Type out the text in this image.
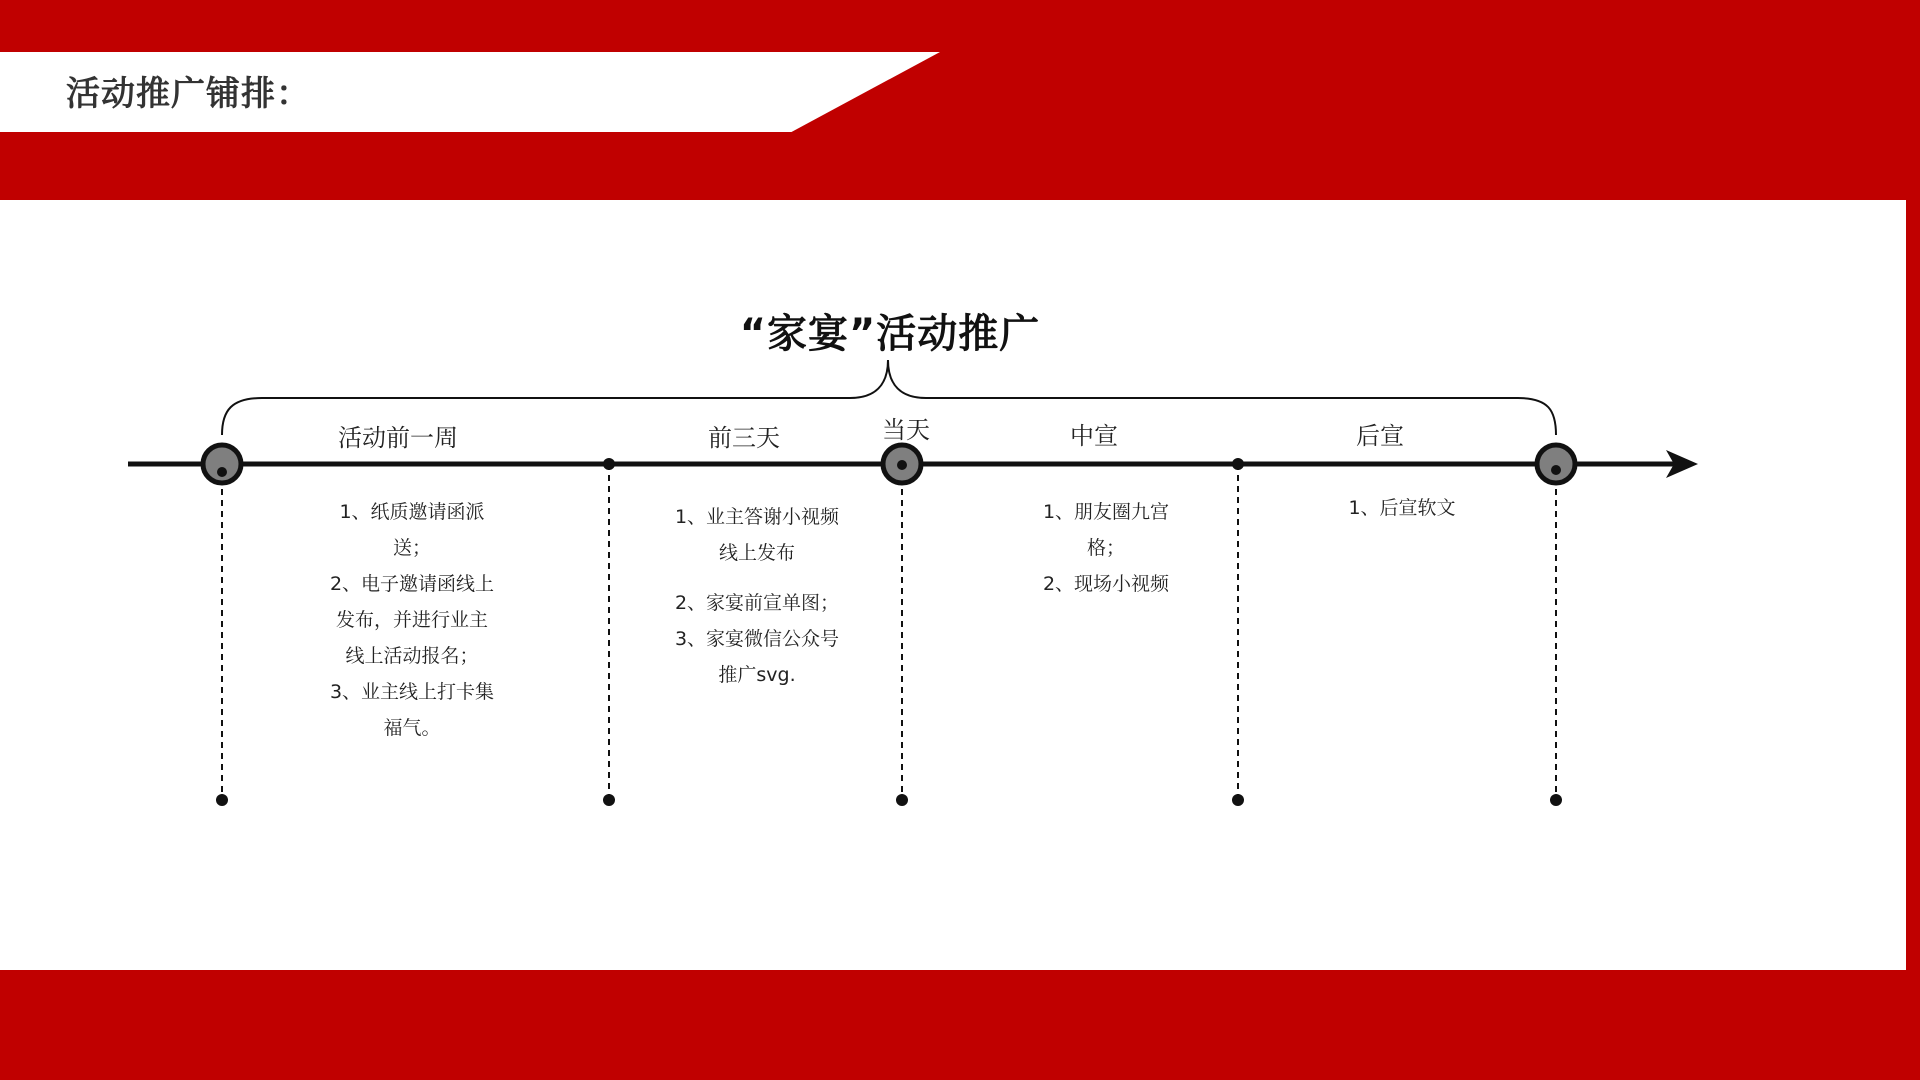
活动推广铺排：
“家宴”活动推广
活动前一周	前三天	当天	中宣	后宣
1、纸质邀请函派
送；
2、电子邀请函线上
发布，并进行业主
线上活动报名；
3、业主线上打卡集
福气。
1、业主答谢小视频
线上发布
2、家宴前宣单图；
3、家宴微信公众号
推广svg.
1、朋友圈九宫
格；
2、现场小视频
1、后宣软文
